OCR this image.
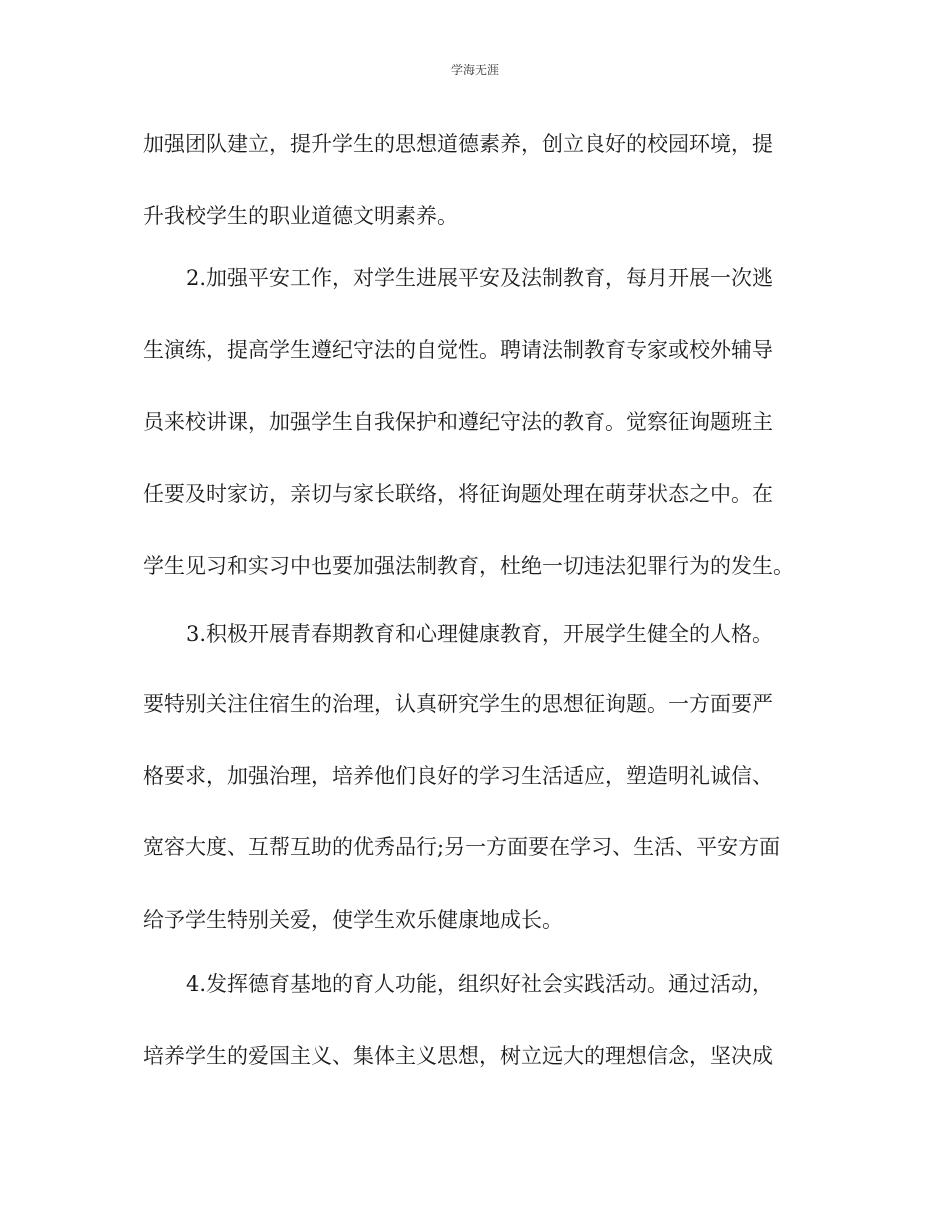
学海无涯
加强团队建立，提升学生的思想道德素养，创立良好的校园环境，提
升我校学生的职业道德文明素养。
2.加强平安工作，对学生进展平安及法制教育，每月开展一次逃
生演练，提高学生遵纪守法的自觉性。聘请法制教育专家或校外辅导
员来校讲课，加强学生自我保护和遵纪守法的教育。觉察征询题班主
任要及时家访，亲切与家长联络，将征询题处理在萌芽状态之中。在
学生见习和实习中也要加强法制教育，杜绝一切违法犯罪行为的发生。
3.积极开展青春期教育和心理健康教育，开展学生健全的人格。
要特别关注住宿生的治理，认真研究学生的思想征询题。一方面要严
格要求，加强治理，培养他们良好的学习生活适应，塑造明礼诚信、
宽容大度、互帮互助的优秀品行;另一方面要在学习、生活、平安方面
给予学生特别关爱，使学生欢乐健康地成长。
4.发挥德育基地的育人功能，组织好社会实践活动。通过活动，
培养学生的爱国主义、集体主义思想，树立远大的理想信念，坚决成
